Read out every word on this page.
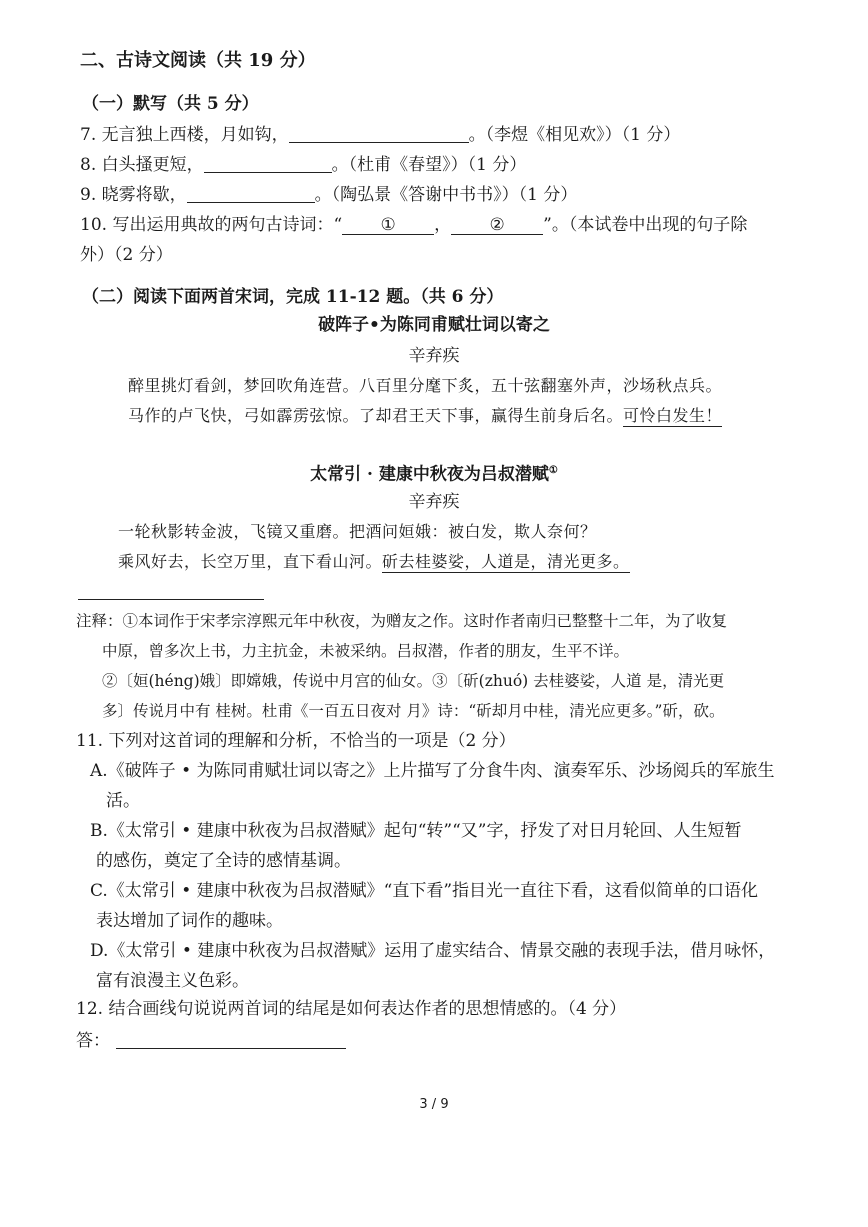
二、古诗文阅读（共 19 分）
（一）默写（共 5 分）
7. 无言独上西楼，月如钩，	。（李煜《相见欢》）（1 分）
8. 白头搔更短，	。（杜甫《春望》）（1 分）
9. 晓雾将歇，	。（陶弘景《答谢中书书》）（1 分）
10. 写出运用典故的两句古诗词：“ ① ， ② ”。（本试卷中出现的句子除
外）（2 分）
（二）阅读下面两首宋词，完成 11-12 题。（共 6 分）
破阵子•为陈同甫赋壮词以寄之
辛弃疾
醉里挑灯看剑，梦回吹角连营。八百里分麾下炙，五十弦翻塞外声，沙场秋点兵。
马作的卢飞快，弓如霹雳弦惊。了却君王天下事，赢得生前身后名。可怜白发生！
太常引 · 建康中秋夜为吕叔潜赋①
辛弃疾
一轮秋影转金波，飞镜又重磨。把酒问姮娥：被白发，欺人奈何？
乘风好去，长空万里，直下看山河。斫去桂婆娑，人道是，清光更多。
注释：①本词作于宋孝宗淳熙元年中秋夜，为赠友之作。这时作者南归已整整十二年，为了收复
中原，曾多次上书，力主抗金，未被采纳。吕叔潜，作者的朋友，生平不详。
②〔姮(héng)娥〕即嫦娥，传说中月宫的仙女。③〔斫(zhuó) 去桂婆娑，人道 是，清光更
多〕传说月中有 桂树。杜甫《一百五日夜对 月》诗：“斫却月中桂，清光应更多。”斫，砍。
11. 下列对这首词的理解和分析，不恰当的一项是（2 分）
A.《破阵子 • 为陈同甫赋壮词以寄之》上片描写了分食牛肉、演奏军乐、沙场阅兵的军旅生
活。
B.《太常引 • 建康中秋夜为吕叔潜赋》起句“转”“又”字，抒发了对日月轮回、人生短暂
的感伤，奠定了全诗的感情基调。
C.《太常引 • 建康中秋夜为吕叔潜赋》“直下看”指目光一直往下看，这看似简单的口语化
表达增加了词作的趣味。
D.《太常引 • 建康中秋夜为吕叔潜赋》运用了虚实结合、情景交融的表现手法，借月咏怀，
富有浪漫主义色彩。
12. 结合画线句说说两首词的结尾是如何表达作者的思想情感的。（4 分）
答：
3 / 9
